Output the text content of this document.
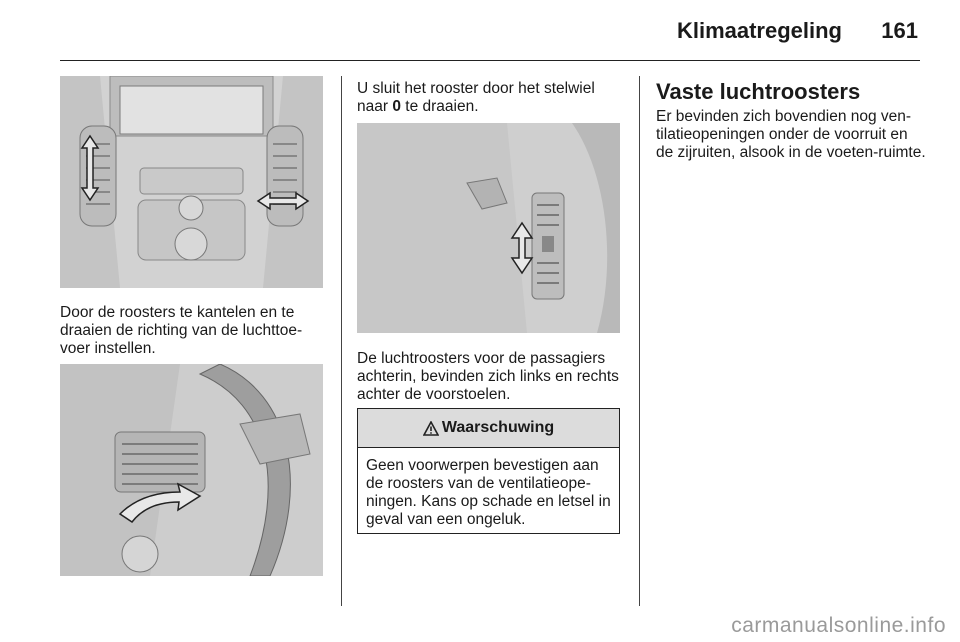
Klimaatregeling 161

Door de roosters te kantelen en te draaien de richting van de luchttoe-voer instellen.

U sluit het rooster door het stelwiel naar 0 te draaien.

De luchtroosters voor de passagiers achterin, bevinden zich links en rechts achter de voorstoelen.

Waarschuwing

Geen voorwerpen bevestigen aan de roosters van de ventilatieope-ningen. Kans op schade en letsel in geval van een ongeluk.

Vaste luchtroosters

Er bevinden zich bovendien nog ven-tilatieopeningen onder de voorruit en de zijruiten, alsook in de voeten-ruimte.

carmanualsonline.info
